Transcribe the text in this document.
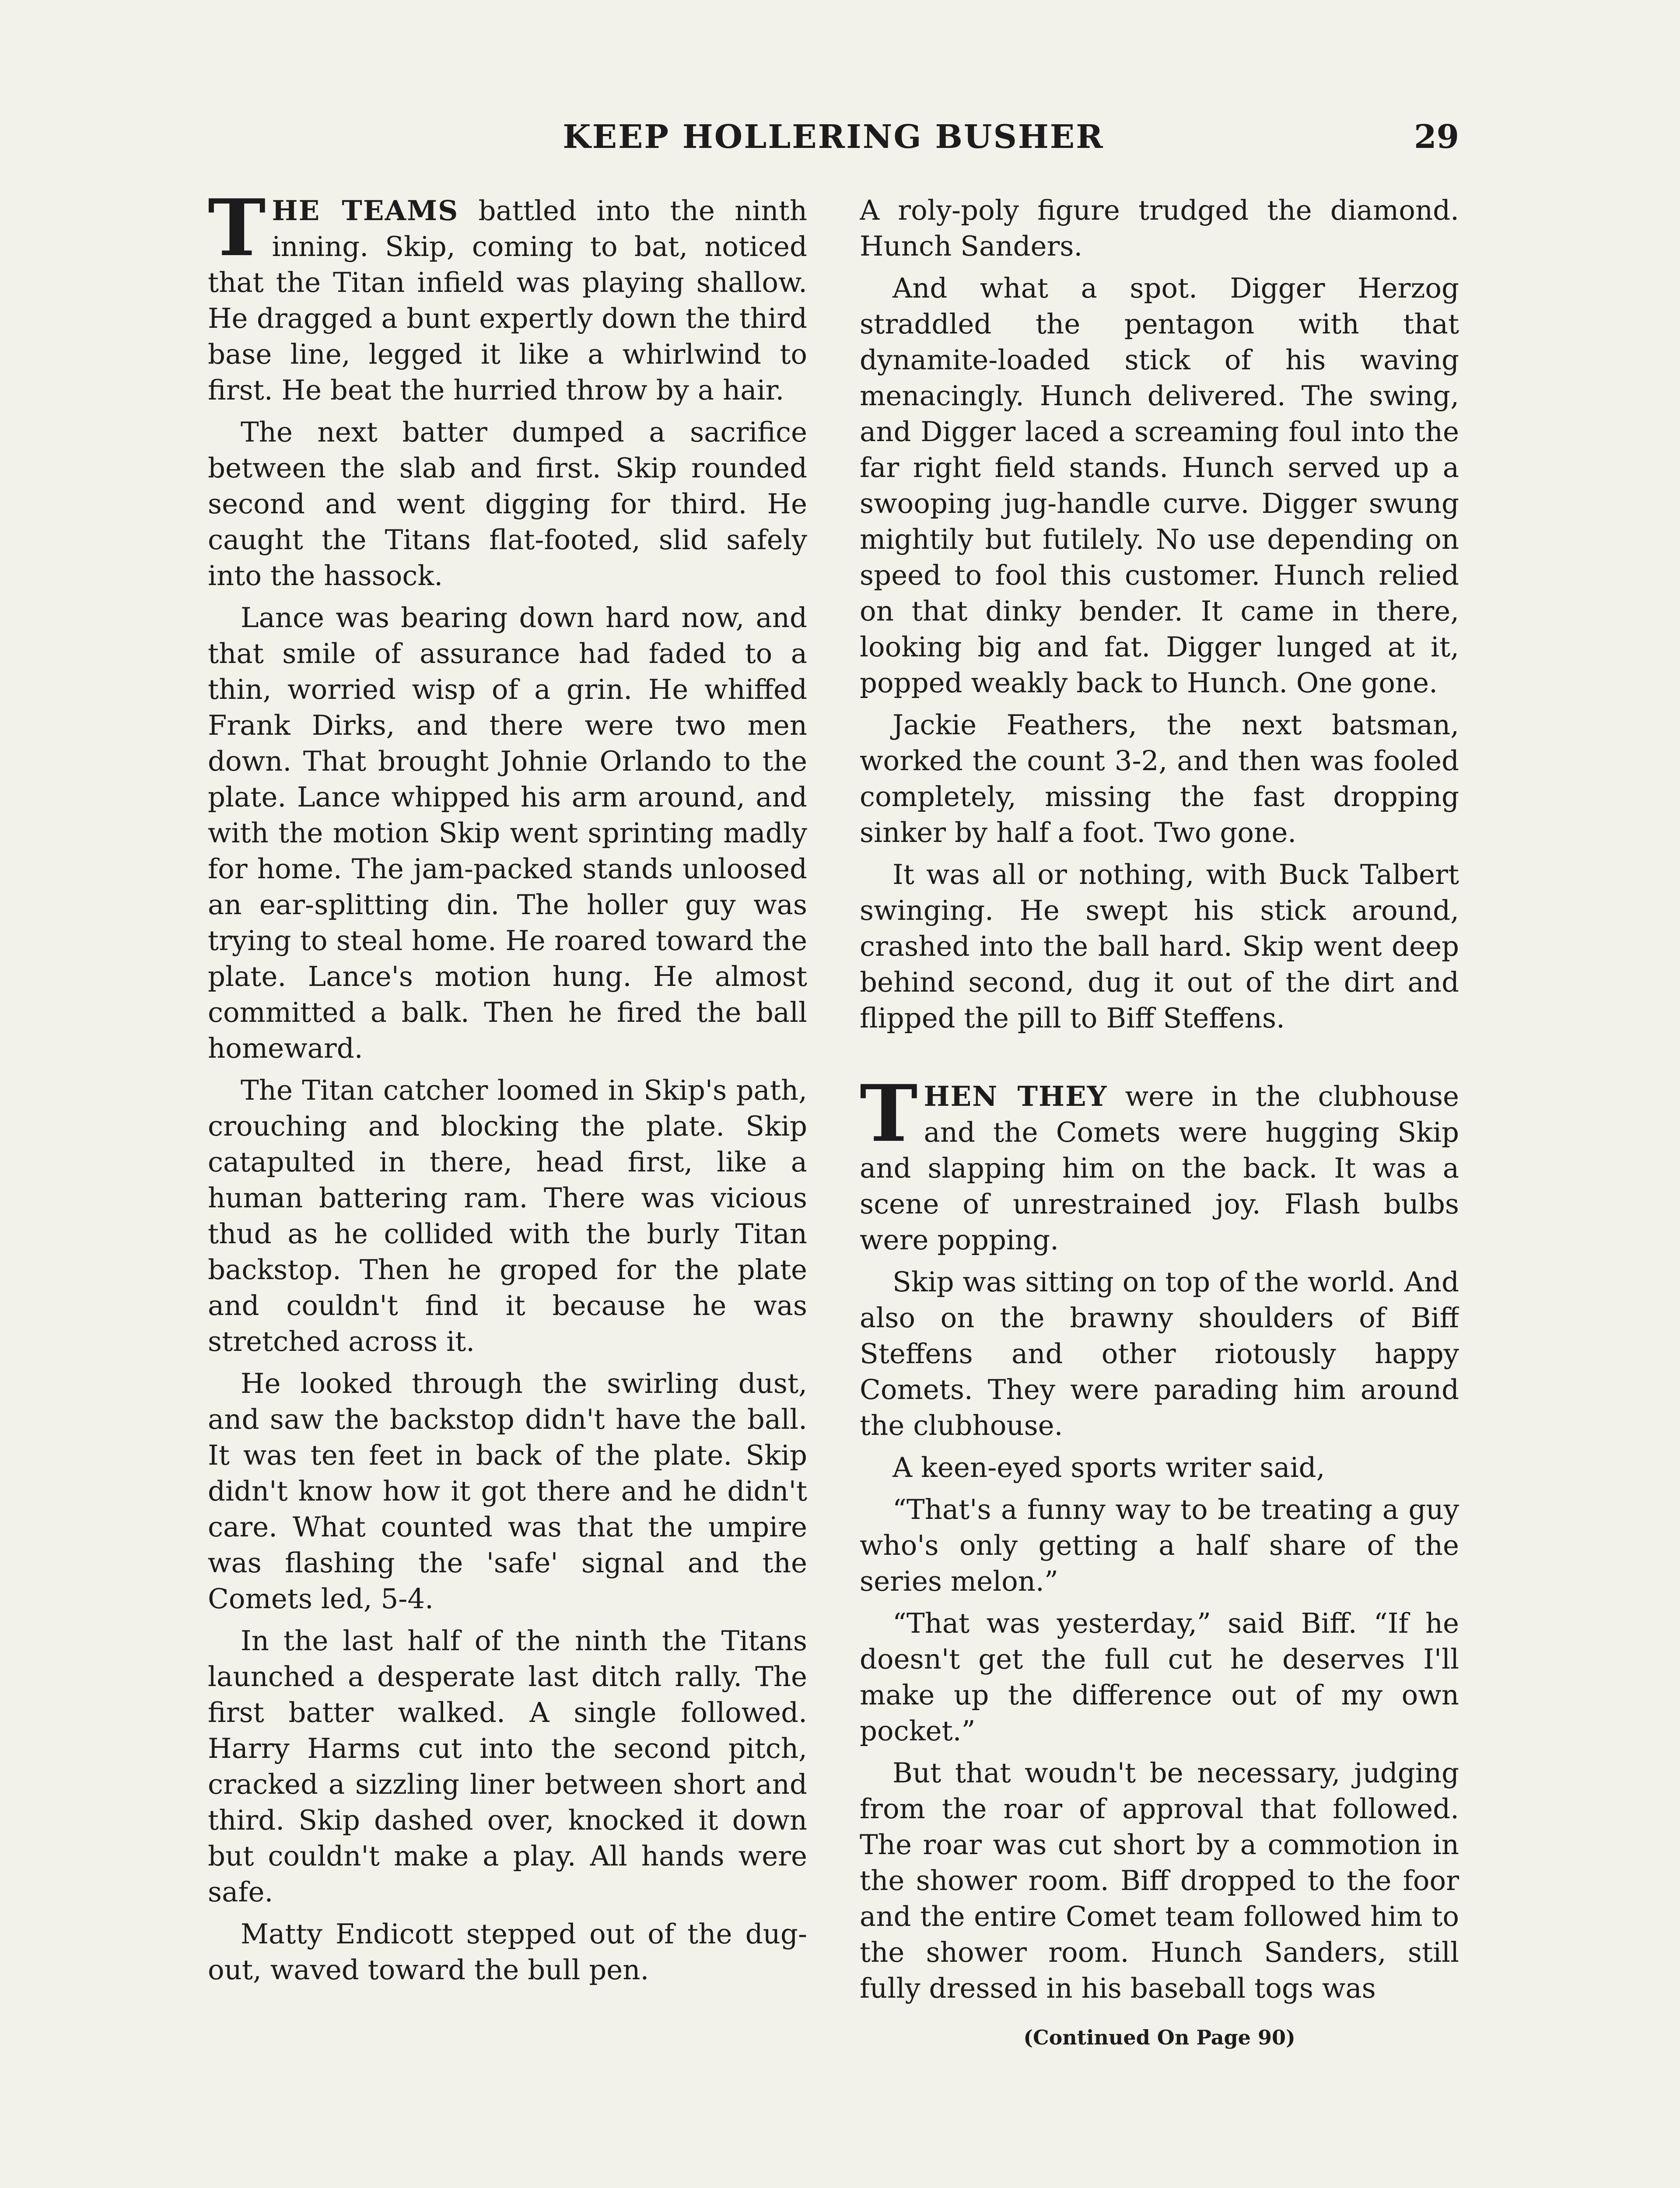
KEEP HOLLERING BUSHER	29

THE TEAMS battled into the ninth inning. Skip, coming to bat, noticed that the Titan infield was playing shallow. He dragged a bunt expertly down the third base line, legged it like a whirlwind to first. He beat the hurried throw by a hair.

The next batter dumped a sacrifice between the slab and first. Skip rounded second and went digging for third. He caught the Titans flat-footed, slid safely into the hassock.

Lance was bearing down hard now, and that smile of assurance had faded to a thin, worried wisp of a grin. He whiffed Frank Dirks, and there were two men down. That brought Johnie Orlando to the plate. Lance whipped his arm around, and with the motion Skip went sprinting madly for home. The jam-packed stands unloosed an ear-splitting din. The holler guy was trying to steal home. He roared toward the plate. Lance's motion hung. He almost committed a balk. Then he fired the ball homeward.

The Titan catcher loomed in Skip's path, crouching and blocking the plate. Skip catapulted in there, head first, like a human battering ram. There was vicious thud as he collided with the burly Titan backstop. Then he groped for the plate and couldn't find it because he was stretched across it.

He looked through the swirling dust, and saw the backstop didn't have the ball. It was ten feet in back of the plate. Skip didn't know how it got there and he didn't care. What counted was that the umpire was flashing the 'safe' signal and the Comets led, 5-4.

In the last half of the ninth the Titans launched a desperate last ditch rally. The first batter walked. A single followed. Harry Harms cut into the second pitch, cracked a sizzling liner between short and third. Skip dashed over, knocked it down but couldn't make a play. All hands were safe.

Matty Endicott stepped out of the dug-out, waved toward the bull pen.

A roly-poly figure trudged the diamond. Hunch Sanders.

And what a spot. Digger Herzog straddled the pentagon with that dynamite-loaded stick of his waving menacingly. Hunch delivered. The swing, and Digger laced a screaming foul into the far right field stands. Hunch served up a swooping jug-handle curve. Digger swung mightily but futilely. No use depending on speed to fool this customer. Hunch relied on that dinky bender. It came in there, looking big and fat. Digger lunged at it, popped weakly back to Hunch. One gone.

Jackie Feathers, the next batsman, worked the count 3-2, and then was fooled completely, missing the fast dropping sinker by half a foot. Two gone.

It was all or nothing, with Buck Talbert swinging. He swept his stick around, crashed into the ball hard. Skip went deep behind second, dug it out of the dirt and flipped the pill to Biff Steffens.

THEN THEY were in the clubhouse and the Comets were hugging Skip and slapping him on the back. It was a scene of unrestrained joy. Flash bulbs were popping.

Skip was sitting on top of the world. And also on the brawny shoulders of Biff Steffens and other riotously happy Comets. They were parading him around the clubhouse.

A keen-eyed sports writer said,

“That's a funny way to be treating a guy who's only getting a half share of the series melon.”

“That was yesterday,” said Biff. “If he doesn't get the full cut he deserves I'll make up the difference out of my own pocket.”

But that woudn't be necessary, judging from the roar of approval that followed. The roar was cut short by a commotion in the shower room. Biff dropped to the foor and the entire Comet team followed him to the shower room. Hunch Sanders, still fully dressed in his baseball togs was

(Continued On Page 90)
